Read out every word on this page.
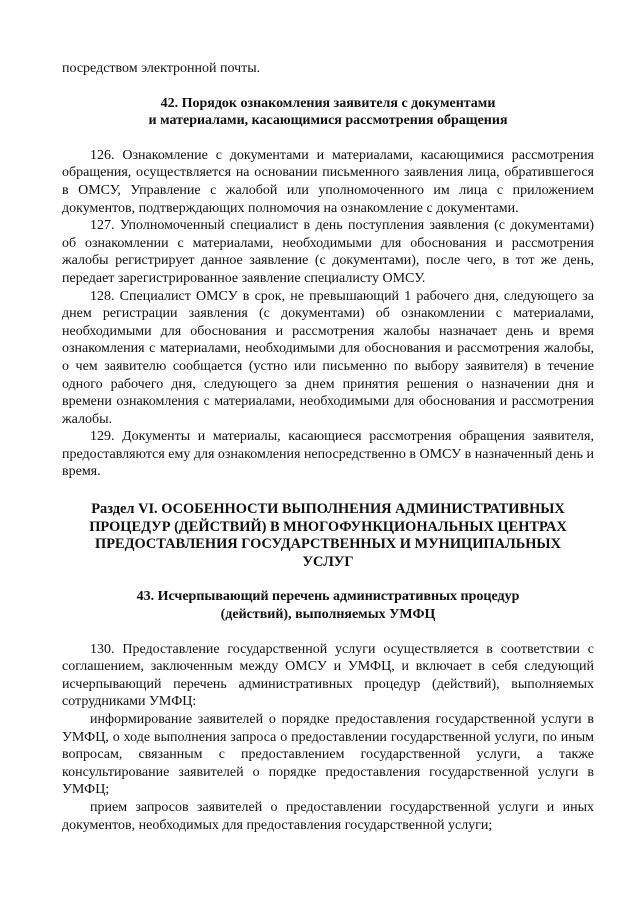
посредством электронной почты.

42. Порядок ознакомления заявителя с документами
и материалами, касающимися рассмотрения обращения

126. Ознакомление с документами и материалами, касающимися рассмотрения обращения, осуществляется на основании письменного заявления лица, обратившегося в ОМСУ, Управление с жалобой или уполномоченного им лица с приложением документов, подтверждающих полномочия на ознакомление с документами.

127. Уполномоченный специалист в день поступления заявления (с документами) об ознакомлении с материалами, необходимыми для обоснования и рассмотрения жалобы регистрирует данное заявление (с документами), после чего, в тот же день, передает зарегистрированное заявление специалисту ОМСУ.

128. Специалист ОМСУ в срок, не превышающий 1 рабочего дня, следующего за днем регистрации заявления (с документами) об ознакомлении с материалами, необходимыми для обоснования и рассмотрения жалобы назначает день и время ознакомления с материалами, необходимыми для обоснования и рассмотрения жалобы, о чем заявителю сообщается (устно или письменно по выбору заявителя) в течение одного рабочего дня, следующего за днем принятия решения о назначении дня и времени ознакомления с материалами, необходимыми для обоснования и рассмотрения жалобы.

129. Документы и материалы, касающиеся рассмотрения обращения заявителя, предоставляются ему для ознакомления непосредственно в ОМСУ в назначенный день и время.

Раздел VI. ОСОБЕННОСТИ ВЫПОЛНЕНИЯ АДМИНИСТРАТИВНЫХ
ПРОЦЕДУР (ДЕЙСТВИЙ) В МНОГОФУНКЦИОНАЛЬНЫХ ЦЕНТРАХ
ПРЕДОСТАВЛЕНИЯ ГОСУДАРСТВЕННЫХ И МУНИЦИПАЛЬНЫХ
УСЛУГ
43. Исчерпывающий перечень административных процедур
(действий), выполняемых УМФЦ

130. Предоставление государственной услуги осуществляется в соответствии с соглашением, заключенным между ОМСУ и УМФЦ, и включает в себя следующий исчерпывающий перечень административных процедур (действий), выполняемых сотрудниками УМФЦ:

информирование заявителей о порядке предоставления государственной услуги в УМФЦ, о ходе выполнения запроса о предоставлении государственной услуги, по иным вопросам, связанным с предоставлением государственной услуги, а также консультирование заявителей о порядке предоставления государственной услуги в УМФЦ;

прием запросов заявителей о предоставлении государственной услуги и иных документов, необходимых для предоставления государственной услуги;
